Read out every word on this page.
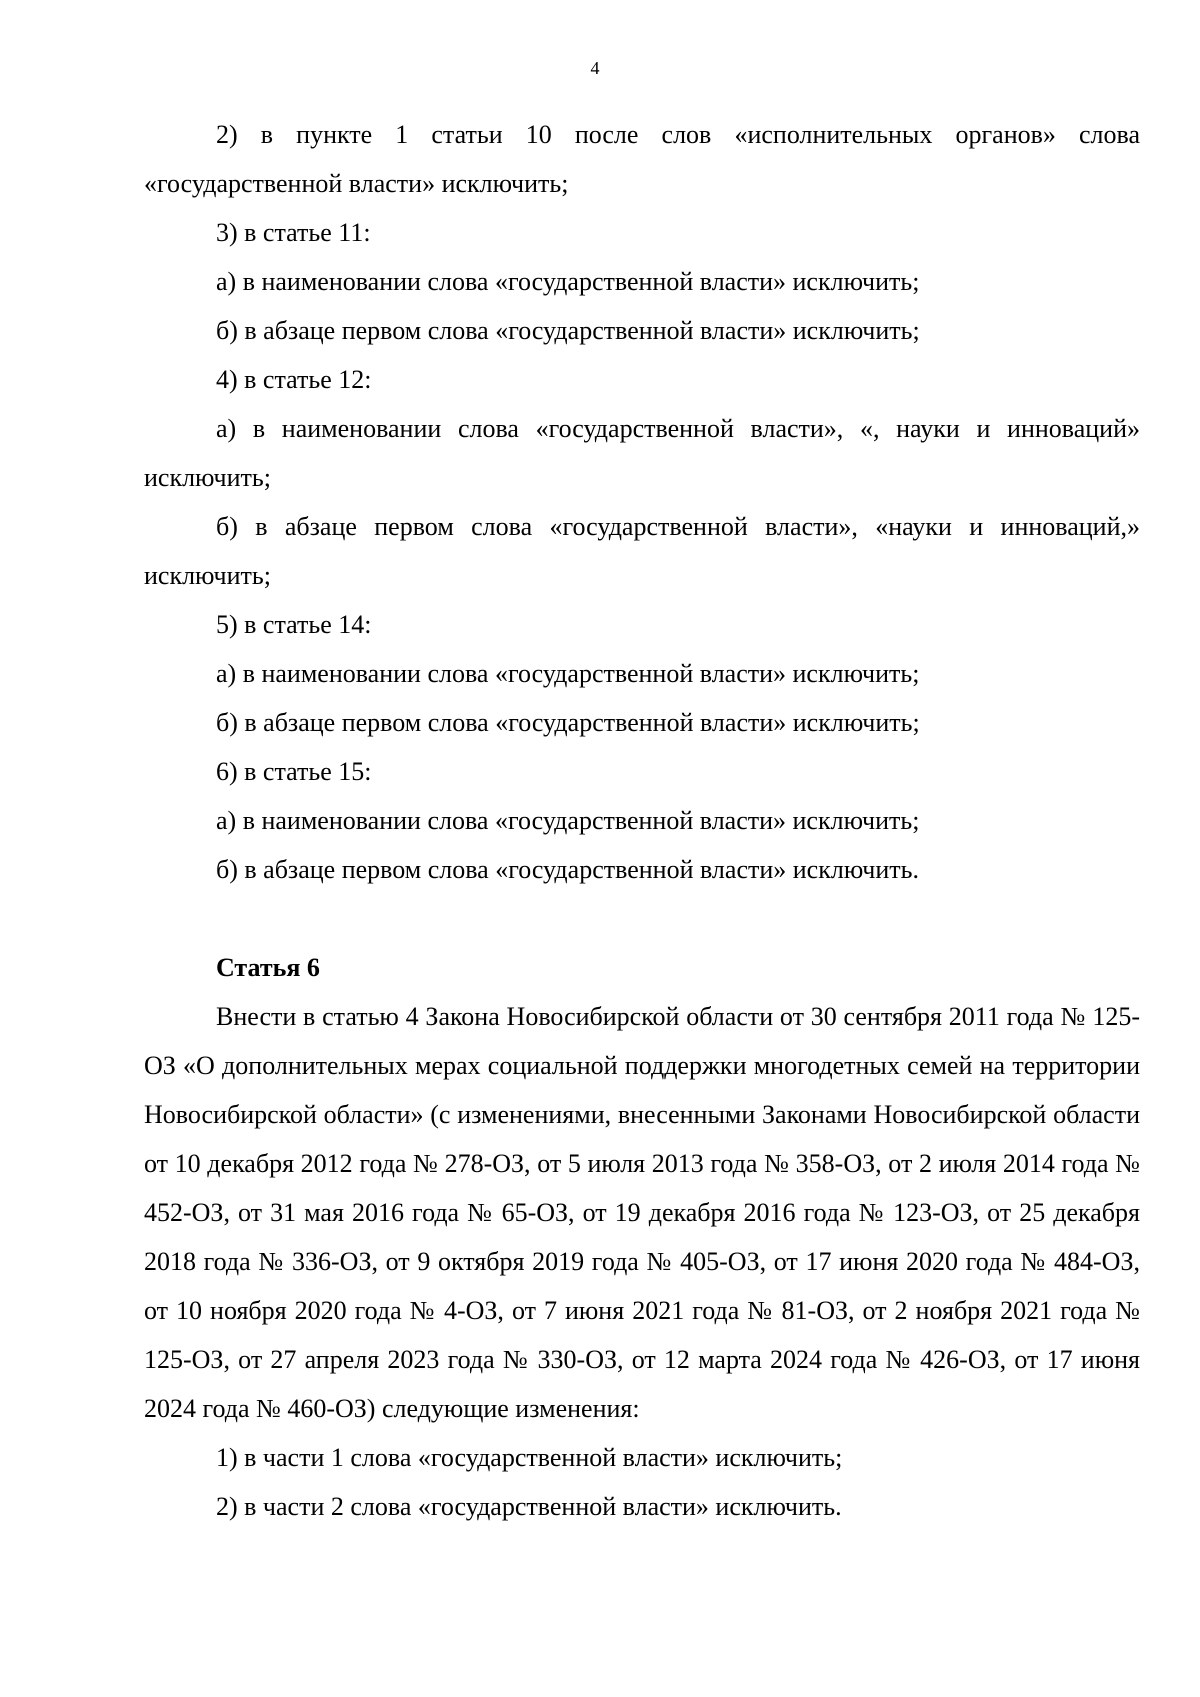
4

2) в пункте 1 статьи 10 после слов «исполнительных органов» слова «государственной власти» исключить;

3) в статье 11:

а) в наименовании слова «государственной власти» исключить;

б) в абзаце первом слова «государственной власти» исключить;

4) в статье 12:

а) в наименовании слова «государственной власти», «, науки и инноваций» исключить;

б) в абзаце первом слова «государственной власти», «науки и инноваций,» исключить;

5) в статье 14:

а) в наименовании слова «государственной власти» исключить;

б) в абзаце первом слова «государственной власти» исключить;

6) в статье 15:

а) в наименовании слова «государственной власти» исключить;

б) в абзаце первом слова «государственной власти» исключить.

Статья 6

Внести в статью 4 Закона Новосибирской области от 30 сентября 2011 года № 125-ОЗ «О дополнительных мерах социальной поддержки многодетных семей на территории Новосибирской области» (с изменениями, внесенными Законами Новосибирской области от 10 декабря 2012 года № 278-ОЗ, от 5 июля 2013 года № 358-ОЗ, от 2 июля 2014 года № 452-ОЗ, от 31 мая 2016 года № 65-ОЗ, от 19 декабря 2016 года № 123-ОЗ, от 25 декабря 2018 года № 336-ОЗ, от 9 октября 2019 года № 405-ОЗ, от 17 июня 2020 года № 484-ОЗ, от 10 ноября 2020 года № 4-ОЗ, от 7 июня 2021 года № 81-ОЗ, от 2 ноября 2021 года № 125-ОЗ, от 27 апреля 2023 года № 330-ОЗ, от 12 марта 2024 года № 426-ОЗ, от 17 июня 2024 года № 460-ОЗ) следующие изменения:

1) в части 1 слова «государственной власти» исключить;

2) в части 2 слова «государственной власти» исключить.
